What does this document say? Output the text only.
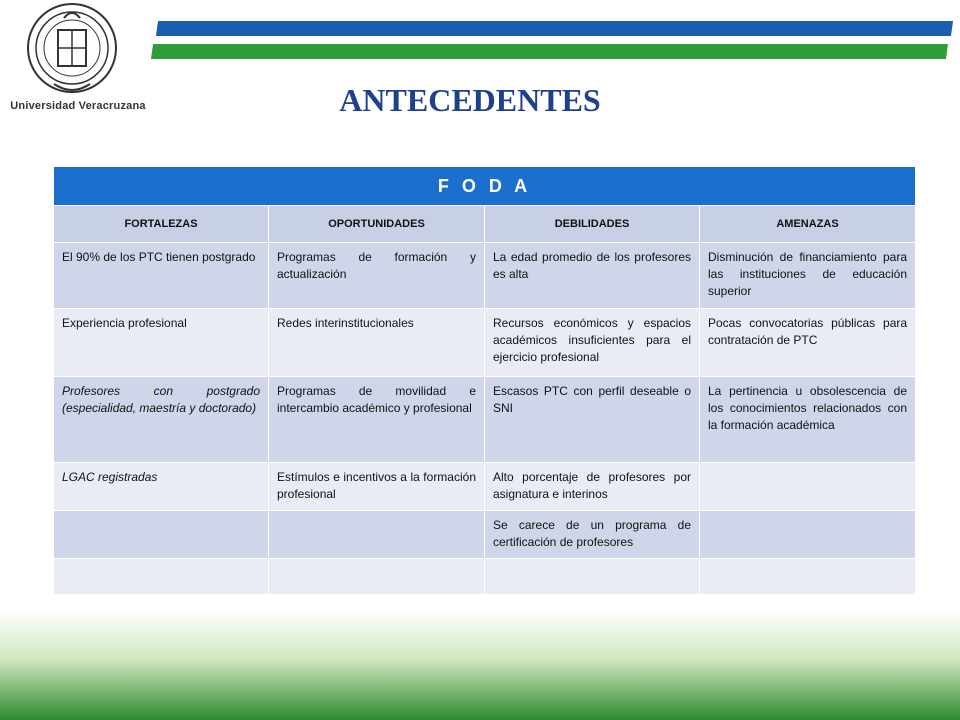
Universidad Veracruzana	ANTECEDENTES
F O D A			
FORTALEZAS	OPORTUNIDADES	DEBILIDADES	AMENAZAS
El 90% de los PTC tienen postgrado	Programas de formación y actualización	La edad promedio de los profesores es alta	Disminución de financiamiento para las instituciones de educación superior
Experiencia profesional	Redes interinstitucionales	Recursos económicos y espacios académicos insuficientes para el ejercicio profesional	Pocas convocatorias públicas para contratación de PTC
Profesores con postgrado (especialidad, maestría y doctorado)	Programas de movilidad e intercambio académico y profesional	Escasos PTC con perfil deseable o SNI	La pertinencia u obsolescencia de los conocimientos relacionados con la formación académica
LGAC registradas	Estímulos e incentivos a la formación profesional	Alto porcentaje de profesores por asignatura e interinos	
		Se carece de un programa de certificación de profesores	
